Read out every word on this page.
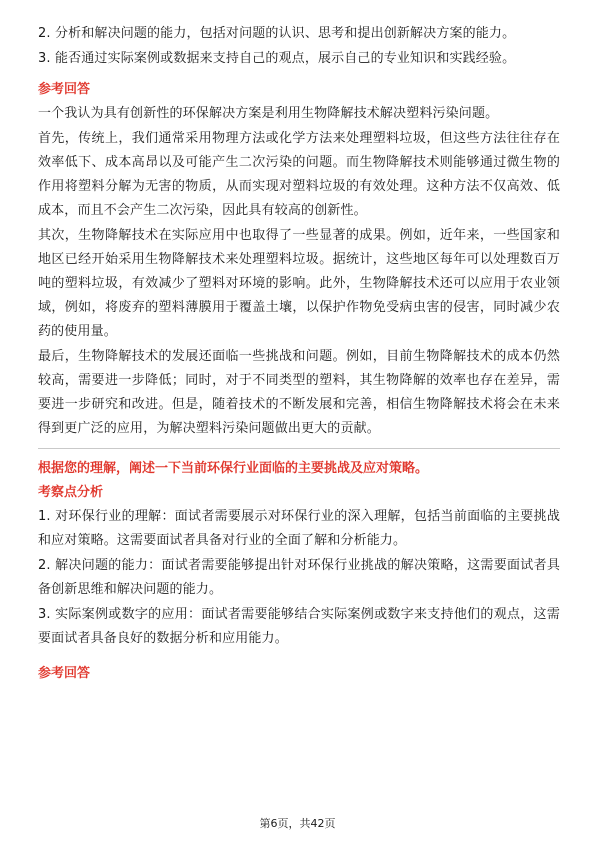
2. 分析和解决问题的能力，包括对问题的认识、思考和提出创新解决方案的能力。

3. 能否通过实际案例或数据来支持自己的观点，展示自己的专业知识和实践经验。

参考回答

一个我认为具有创新性的环保解决方案是利用生物降解技术解决塑料污染问题。

首先，传统上，我们通常采用物理方法或化学方法来处理塑料垃圾，但这些方法往往存在效率低下、成本高昂以及可能产生二次污染的问题。而生物降解技术则能够通过微生物的作用将塑料分解为无害的物质，从而实现对塑料垃圾的有效处理。这种方法不仅高效、低成本，而且不会产生二次污染，因此具有较高的创新性。

其次，生物降解技术在实际应用中也取得了一些显著的成果。例如，近年来，一些国家和地区已经开始采用生物降解技术来处理塑料垃圾。据统计，这些地区每年可以处理数百万吨的塑料垃圾，有效减少了塑料对环境的影响。此外，生物降解技术还可以应用于农业领域，例如，将废弃的塑料薄膜用于覆盖土壤，以保护作物免受病虫害的侵害，同时减少农药的使用量。

最后，生物降解技术的发展还面临一些挑战和问题。例如，目前生物降解技术的成本仍然较高，需要进一步降低；同时，对于不同类型的塑料，其生物降解的效率也存在差异，需要进一步研究和改进。但是，随着技术的不断发展和完善，相信生物降解技术将会在未来得到更广泛的应用，为解决塑料污染问题做出更大的贡献。

根据您的理解，阐述一下当前环保行业面临的主要挑战及应对策略。

考察点分析

1. 对环保行业的理解：面试者需要展示对环保行业的深入理解，包括当前面临的主要挑战和应对策略。这需要面试者具备对行业的全面了解和分析能力。

2. 解决问题的能力：面试者需要能够提出针对环保行业挑战的解决策略，这需要面试者具备创新思维和解决问题的能力。

3. 实际案例或数字的应用：面试者需要能够结合实际案例或数字来支持他们的观点，这需要面试者具备良好的数据分析和应用能力。

参考回答

第6页，共42页
